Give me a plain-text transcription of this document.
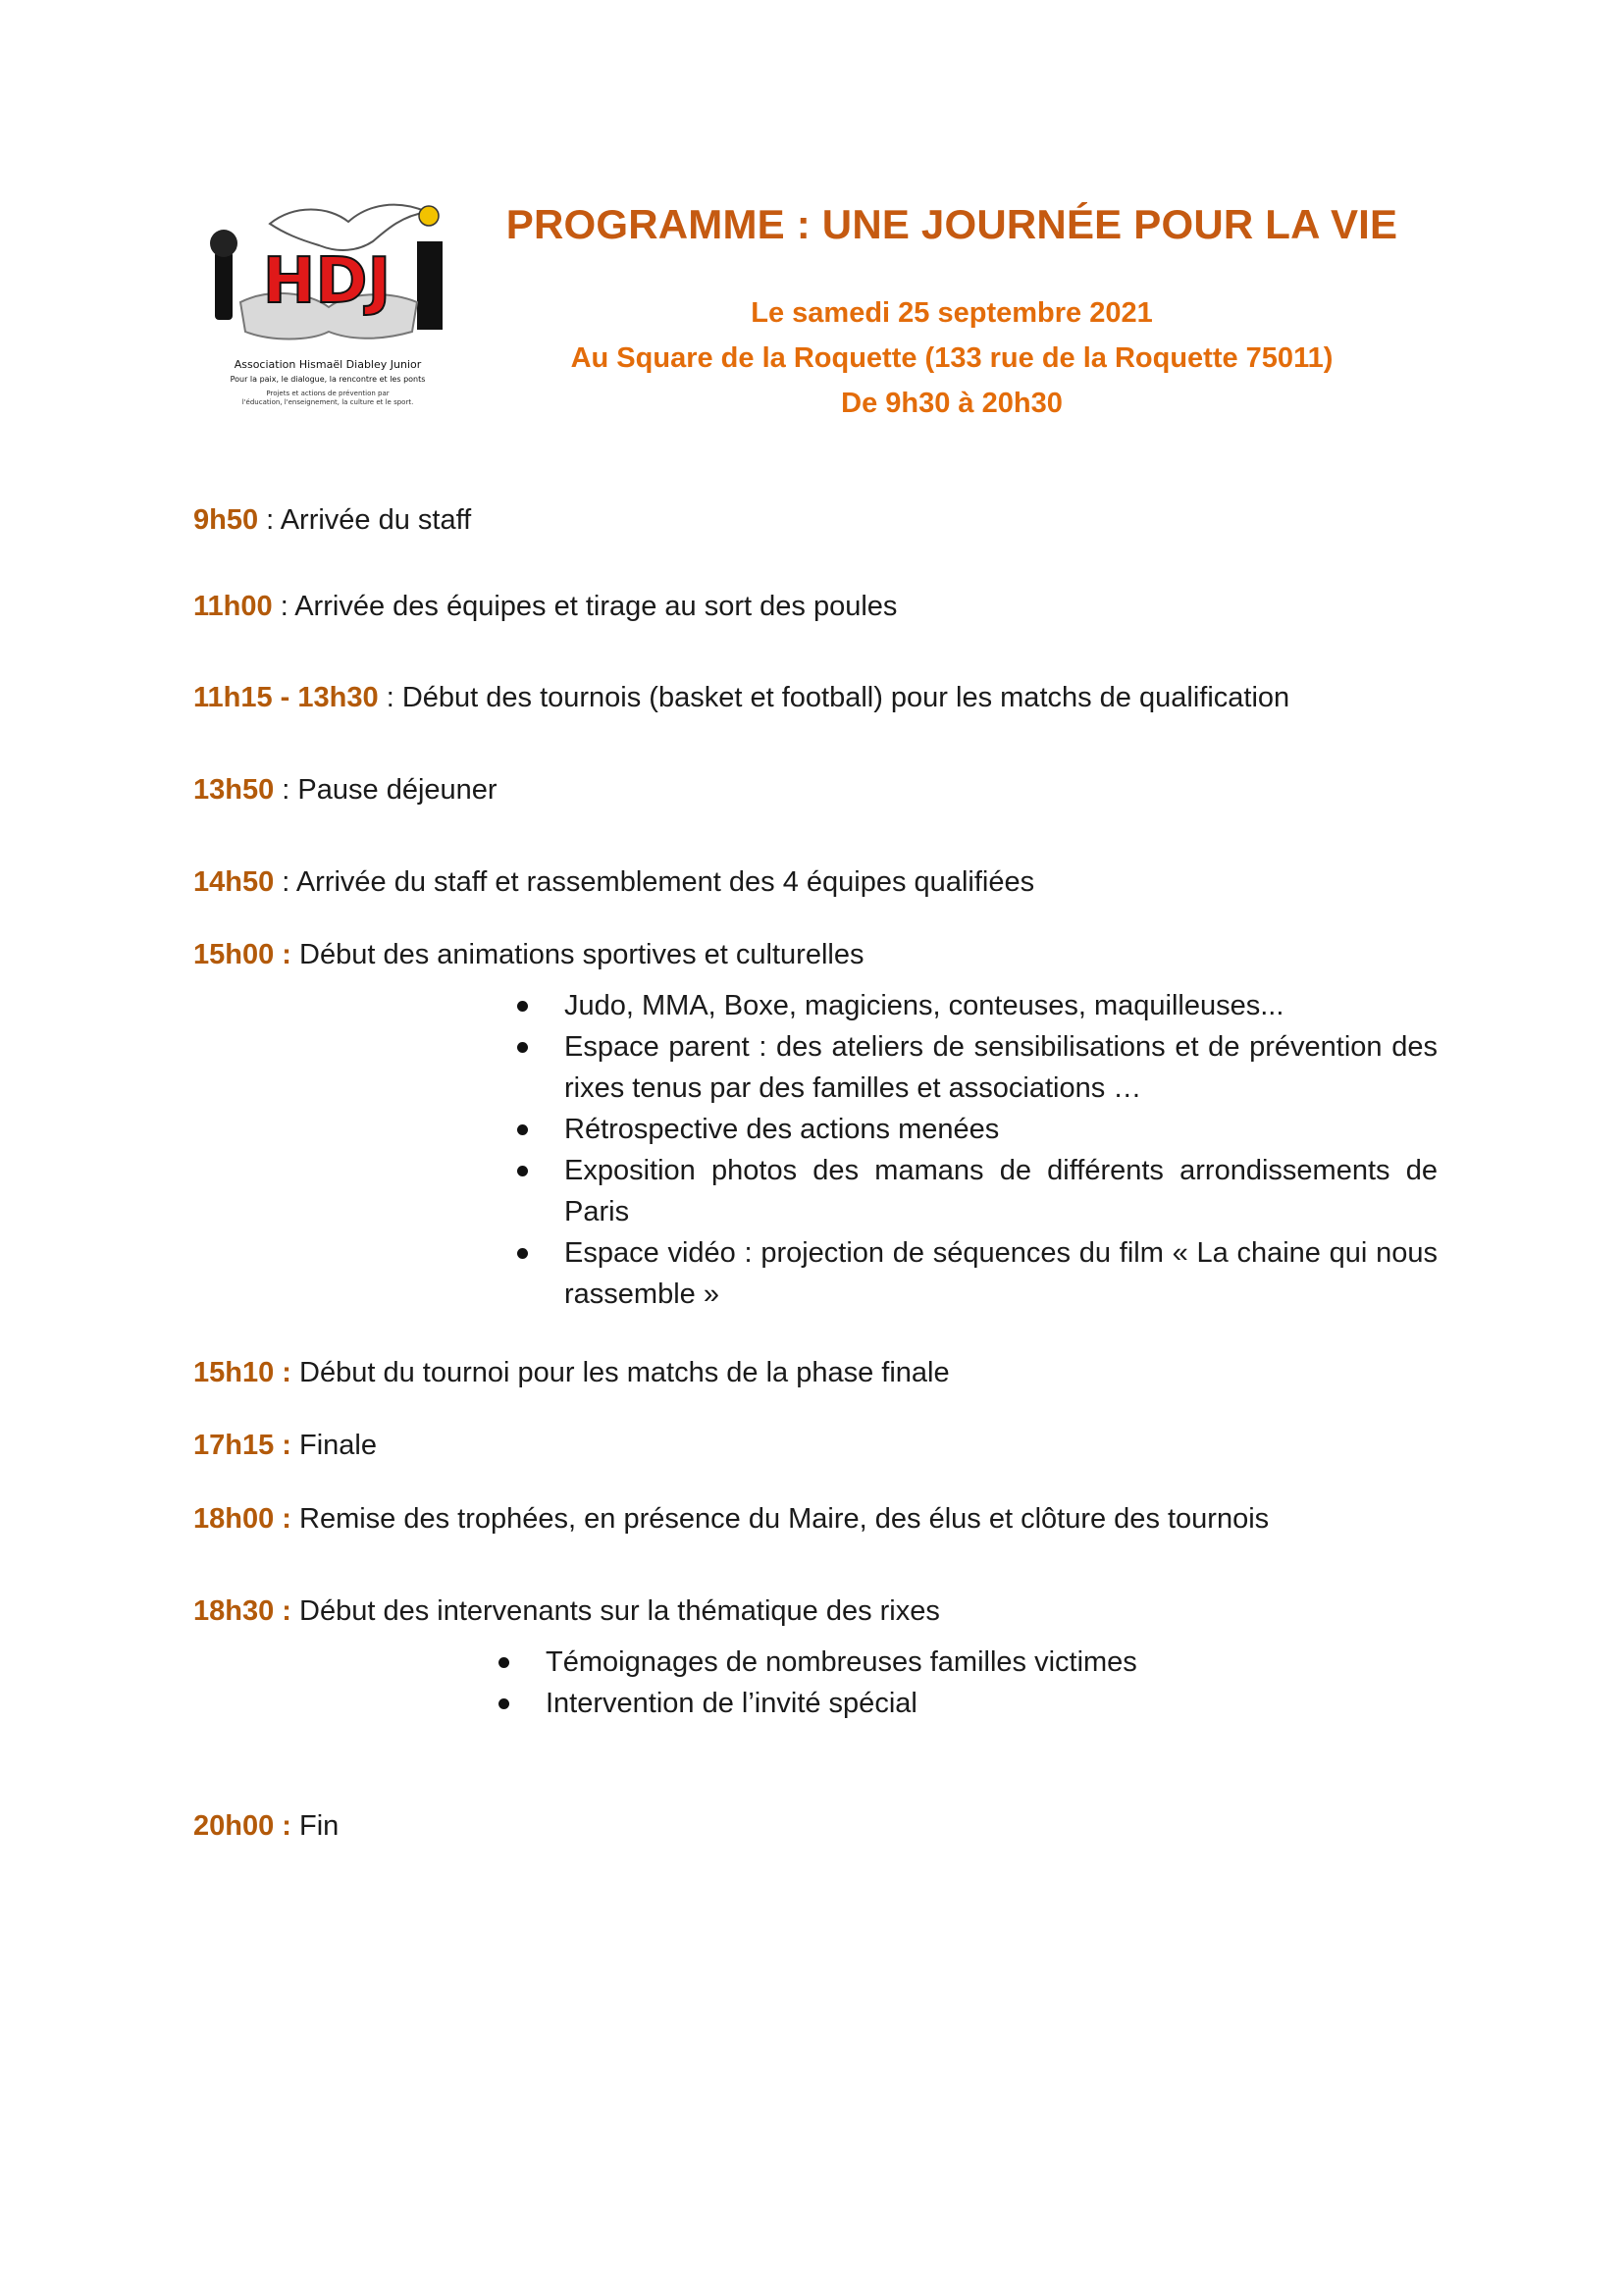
HDJ
Association Hismaël Diabley Junior
Pour la paix, le dialogue, la rencontre et les ponts
Projets et actions de prévention par
l'éducation, l'enseignement, la culture et le sport.
PROGRAMME : UNE JOURNÉE POUR LA VIE
Le samedi 25 septembre 2021
Au Square de la Roquette (133 rue de la Roquette 75011)
De 9h30 à 20h30
9h50 : Arrivée du staff
11h00 : Arrivée des équipes et tirage au sort des poules
11h15 - 13h30 : Début des tournois (basket et football) pour les matchs de qualification
13h50 : Pause déjeuner
14h50 : Arrivée du staff et rassemblement des 4 équipes qualifiées
15h00 : Début des animations sportives et culturelles
Judo, MMA, Boxe, magiciens, conteuses, maquilleuses...
Espace parent : des ateliers de sensibilisations et de prévention des rixes tenus par des familles et associations …
Rétrospective des actions menées
Exposition photos des mamans de différents arrondissements de Paris
Espace vidéo : projection de séquences du film « La chaine qui nous rassemble »
15h10 : Début du tournoi pour les matchs de la phase finale
17h15 : Finale
18h00 : Remise des trophées, en présence du Maire, des élus et clôture des tournois
18h30 : Début des intervenants sur la thématique des rixes
Témoignages de nombreuses familles victimes
Intervention de l’invité spécial
20h00 : Fin
